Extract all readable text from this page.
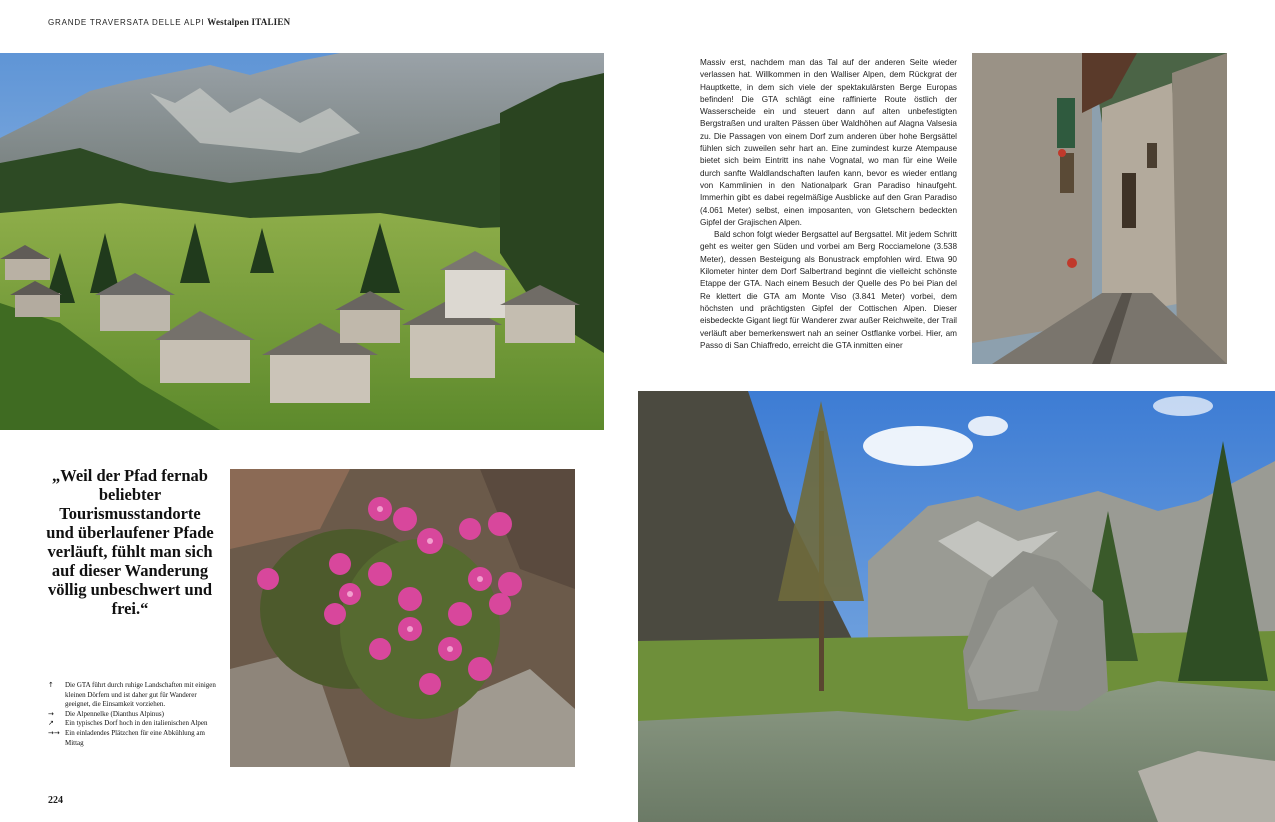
GRANDE TRAVERSATA DELLE ALPI Westalpen ITALIEN
„Weil der Pfad fernab beliebter Tourismusstandorte und überlaufener Pfade verläuft, fühlt man sich auf dieser Wanderung völlig unbeschwert und frei.“

↑	Die GTA führt durch ruhige Landschaften mit einigen kleinen Dörfern und ist daher gut für Wanderer geeignet, die Einsamkeit vorziehen.

→	Die Alpennelke (Dianthus Alpinus)

↗	Ein typisches Dorf hoch in den italienischen Alpen

→→ Ein einladendes Plätzchen für eine Abkühlung am Mittag

224

Massiv erst, nachdem man das Tal auf der anderen Seite wieder verlassen hat. Willkommen in den Walliser Alpen, dem Rückgrat der Hauptkette, in dem sich viele der spektakulärsten Berge Europas befinden! Die GTA schlägt eine raffinierte Route östlich der Wasserscheide ein und steuert dann auf alten unbefestigten Bergstraßen und uralten Pässen über Waldhöhen auf Alagna Valsesia zu. Die Passagen von einem Dorf zum anderen über hohe Bergsättel fühlen sich zuweilen sehr hart an. Eine zumindest kurze Atempause bietet sich beim Eintritt ins nahe Vognatal, wo man für eine Weile durch sanfte Waldlandschaften laufen kann, bevor es wieder entlang von Kammlinien in den Nationalpark Gran Paradiso hinaufgeht. Immerhin gibt es dabei regelmäßige Ausblicke auf den Gran Paradiso (4.061 Meter) selbst, einen imposanten, von Gletschern bedeckten Gipfel der Grajischen Alpen.

Bald schon folgt wieder Bergsattel auf Bergsattel. Mit jedem Schritt geht es weiter gen Süden und vorbei am Berg Rocciamelone (3.538 Meter), dessen Besteigung als Bonustrack empfohlen wird. Etwa 90 Kilometer hinter dem Dorf Salbertrand beginnt die vielleicht schönste Etappe der GTA. Nach einem Besuch der Quelle des Po bei Pian del Re klettert die GTA am Monte Viso (3.841 Meter) vorbei, dem höchsten und prächtigsten Gipfel der Cottischen Alpen. Dieser eisbedeckte Gigant liegt für Wanderer zwar außer Reichweite, der Trail verläuft aber bemerkenswert nah an seiner Ostflanke vorbei. Hier, am Passo di San Chiaffredo, erreicht die GTA inmitten einer
